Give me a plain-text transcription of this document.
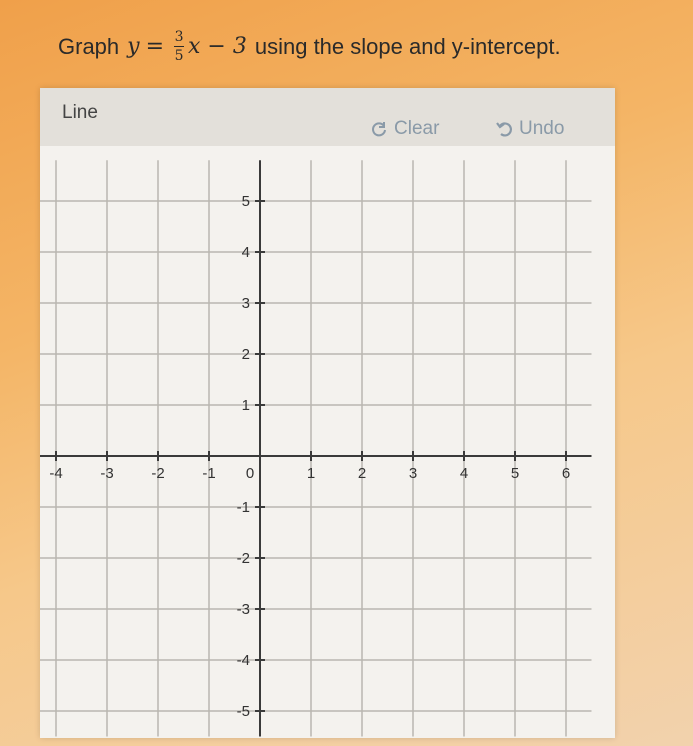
Graph $y = \frac{3}{5}$ x − 3 using the slope and y-intercept.
Line
Clear	Undo
-4	-3	-2	-1 0	1	2	3	4	5	6
5
4
3
2
1
-1
-2
-3
-4
-5
